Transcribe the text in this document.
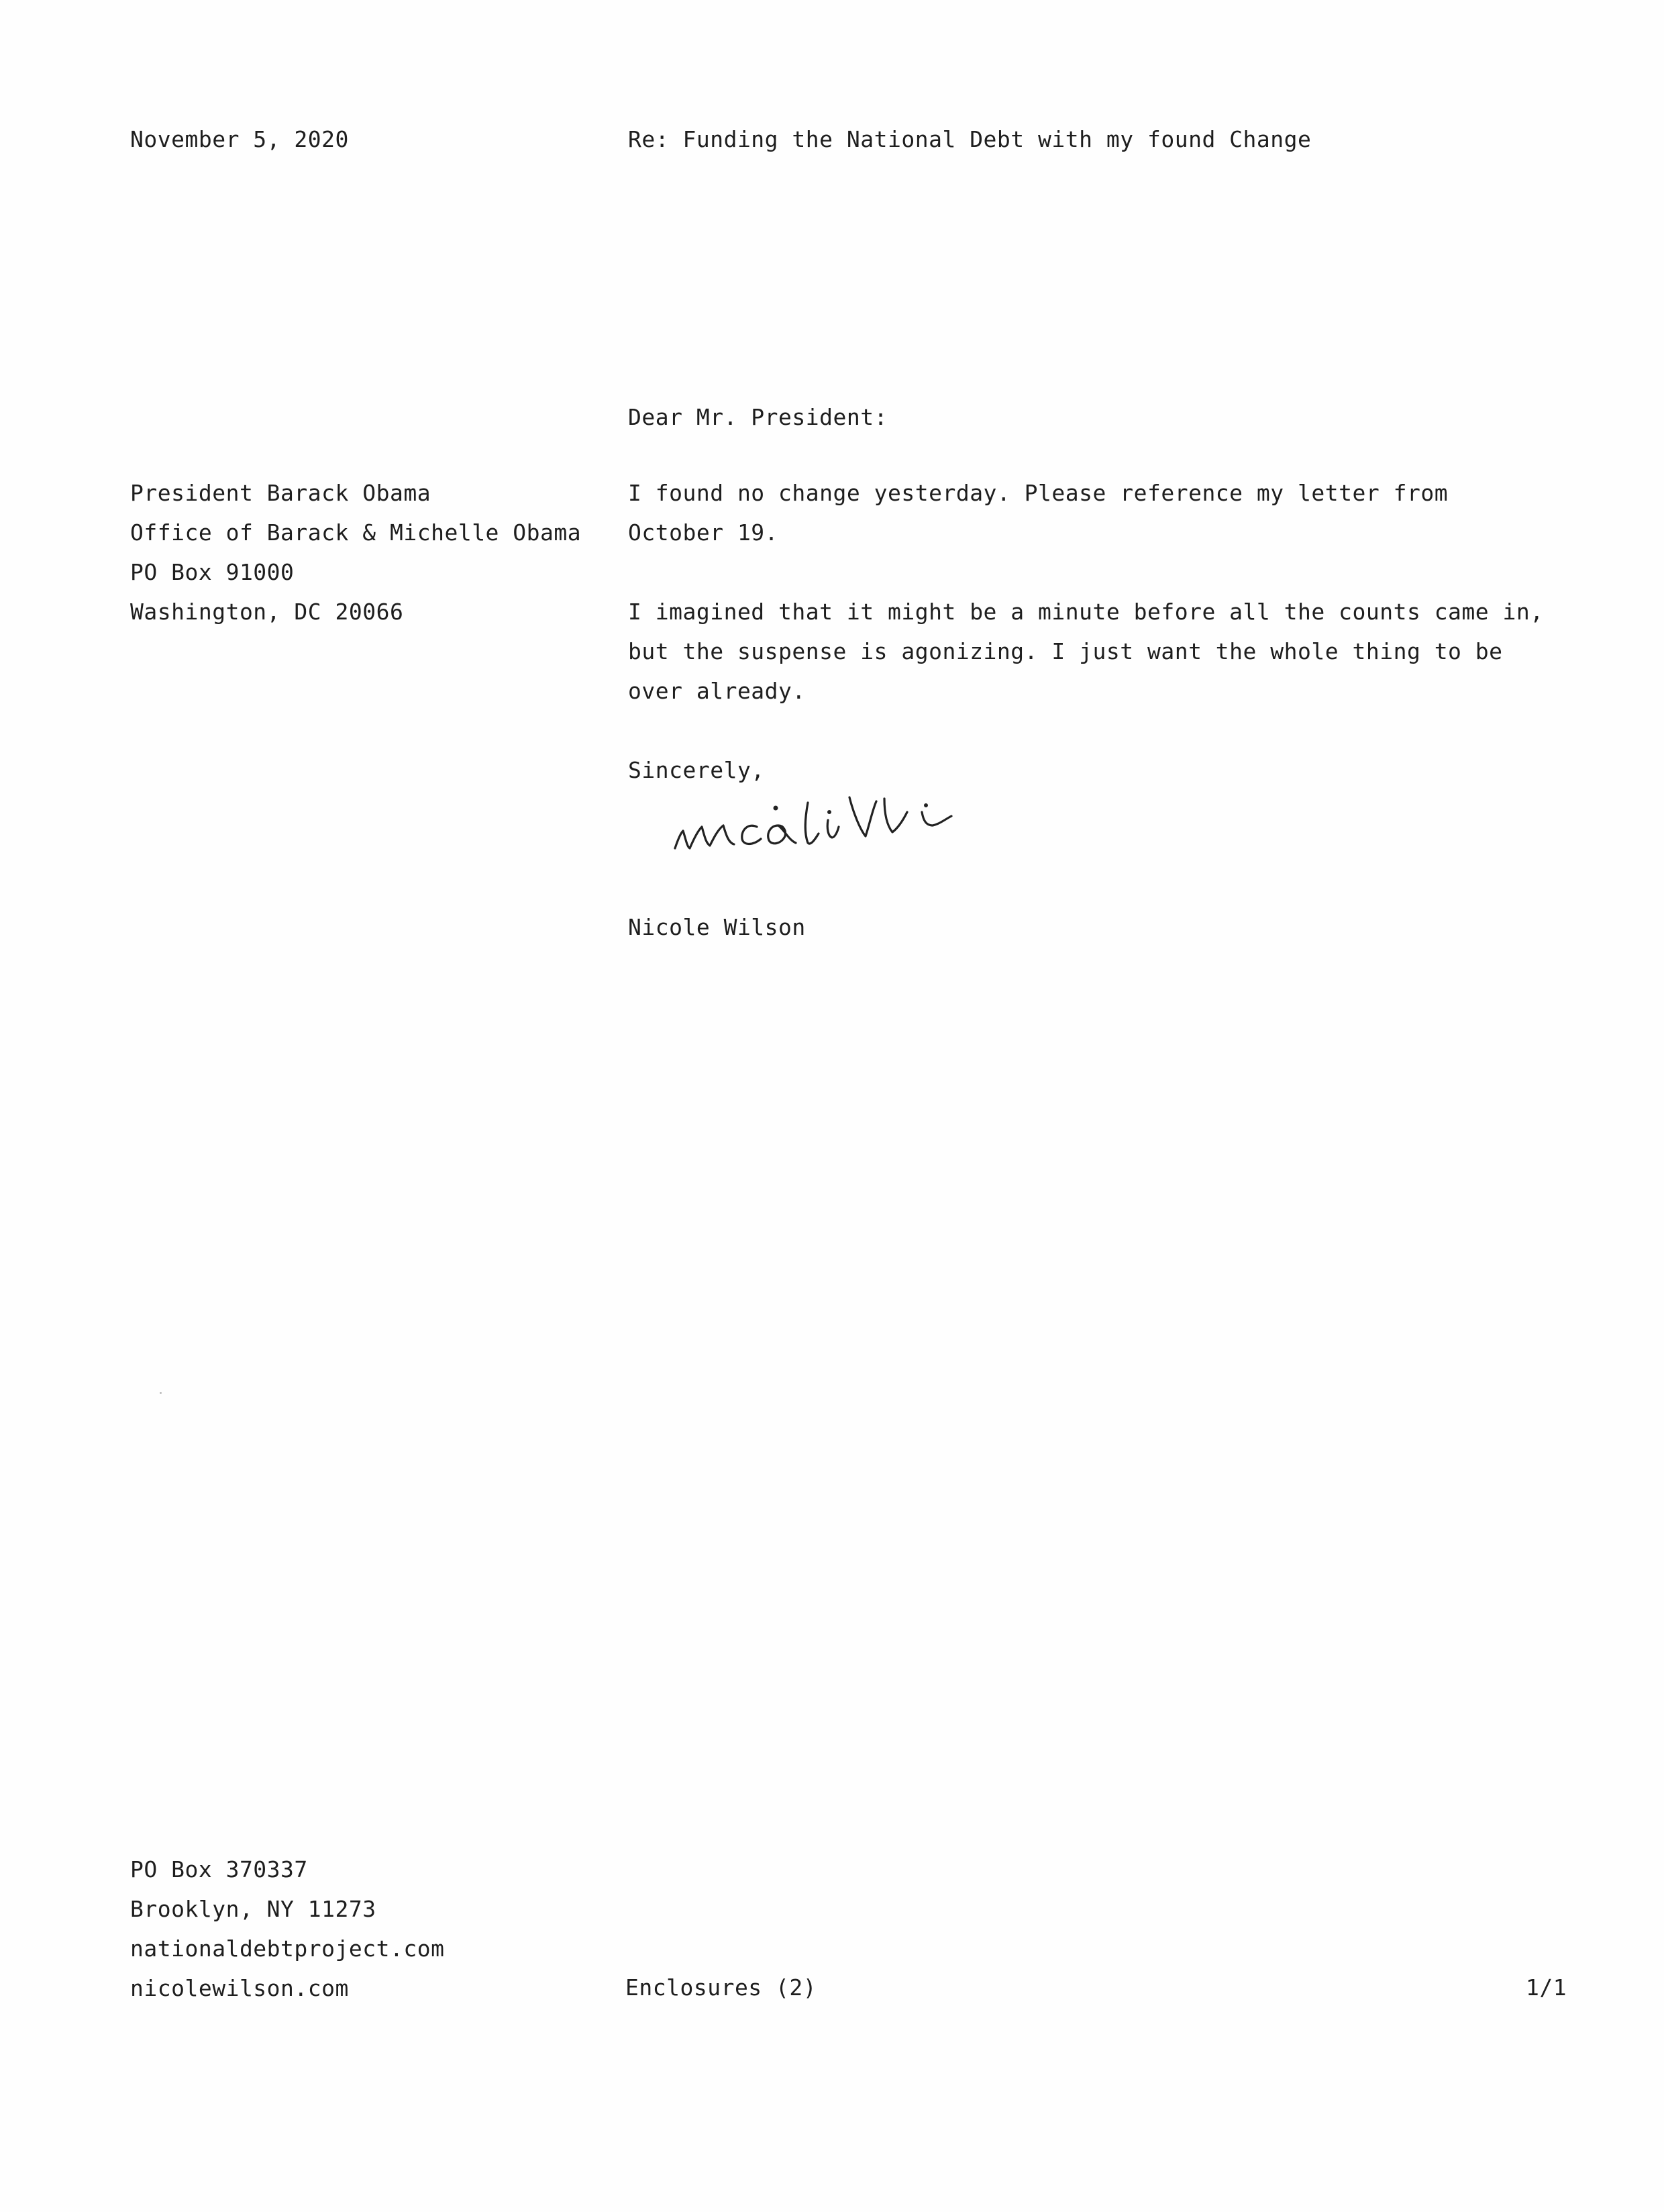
November 5, 2020	Re: Funding the National Debt with my found Change
Dear Mr. President:
President Barack Obama
Office of Barack & Michelle Obama
PO Box 91000
Washington, DC 20066
I found no change yesterday. Please reference my letter from
October 19.
I imagined that it might be a minute before all the counts came in,
but the suspense is agonizing. I just want the whole thing to be
over already.
Sincerely,
Nicole Wilson
PO Box 370337
Brooklyn, NY 11273
nationaldebtproject.com
nicolewilson.com	Enclosures (2)	1/1
